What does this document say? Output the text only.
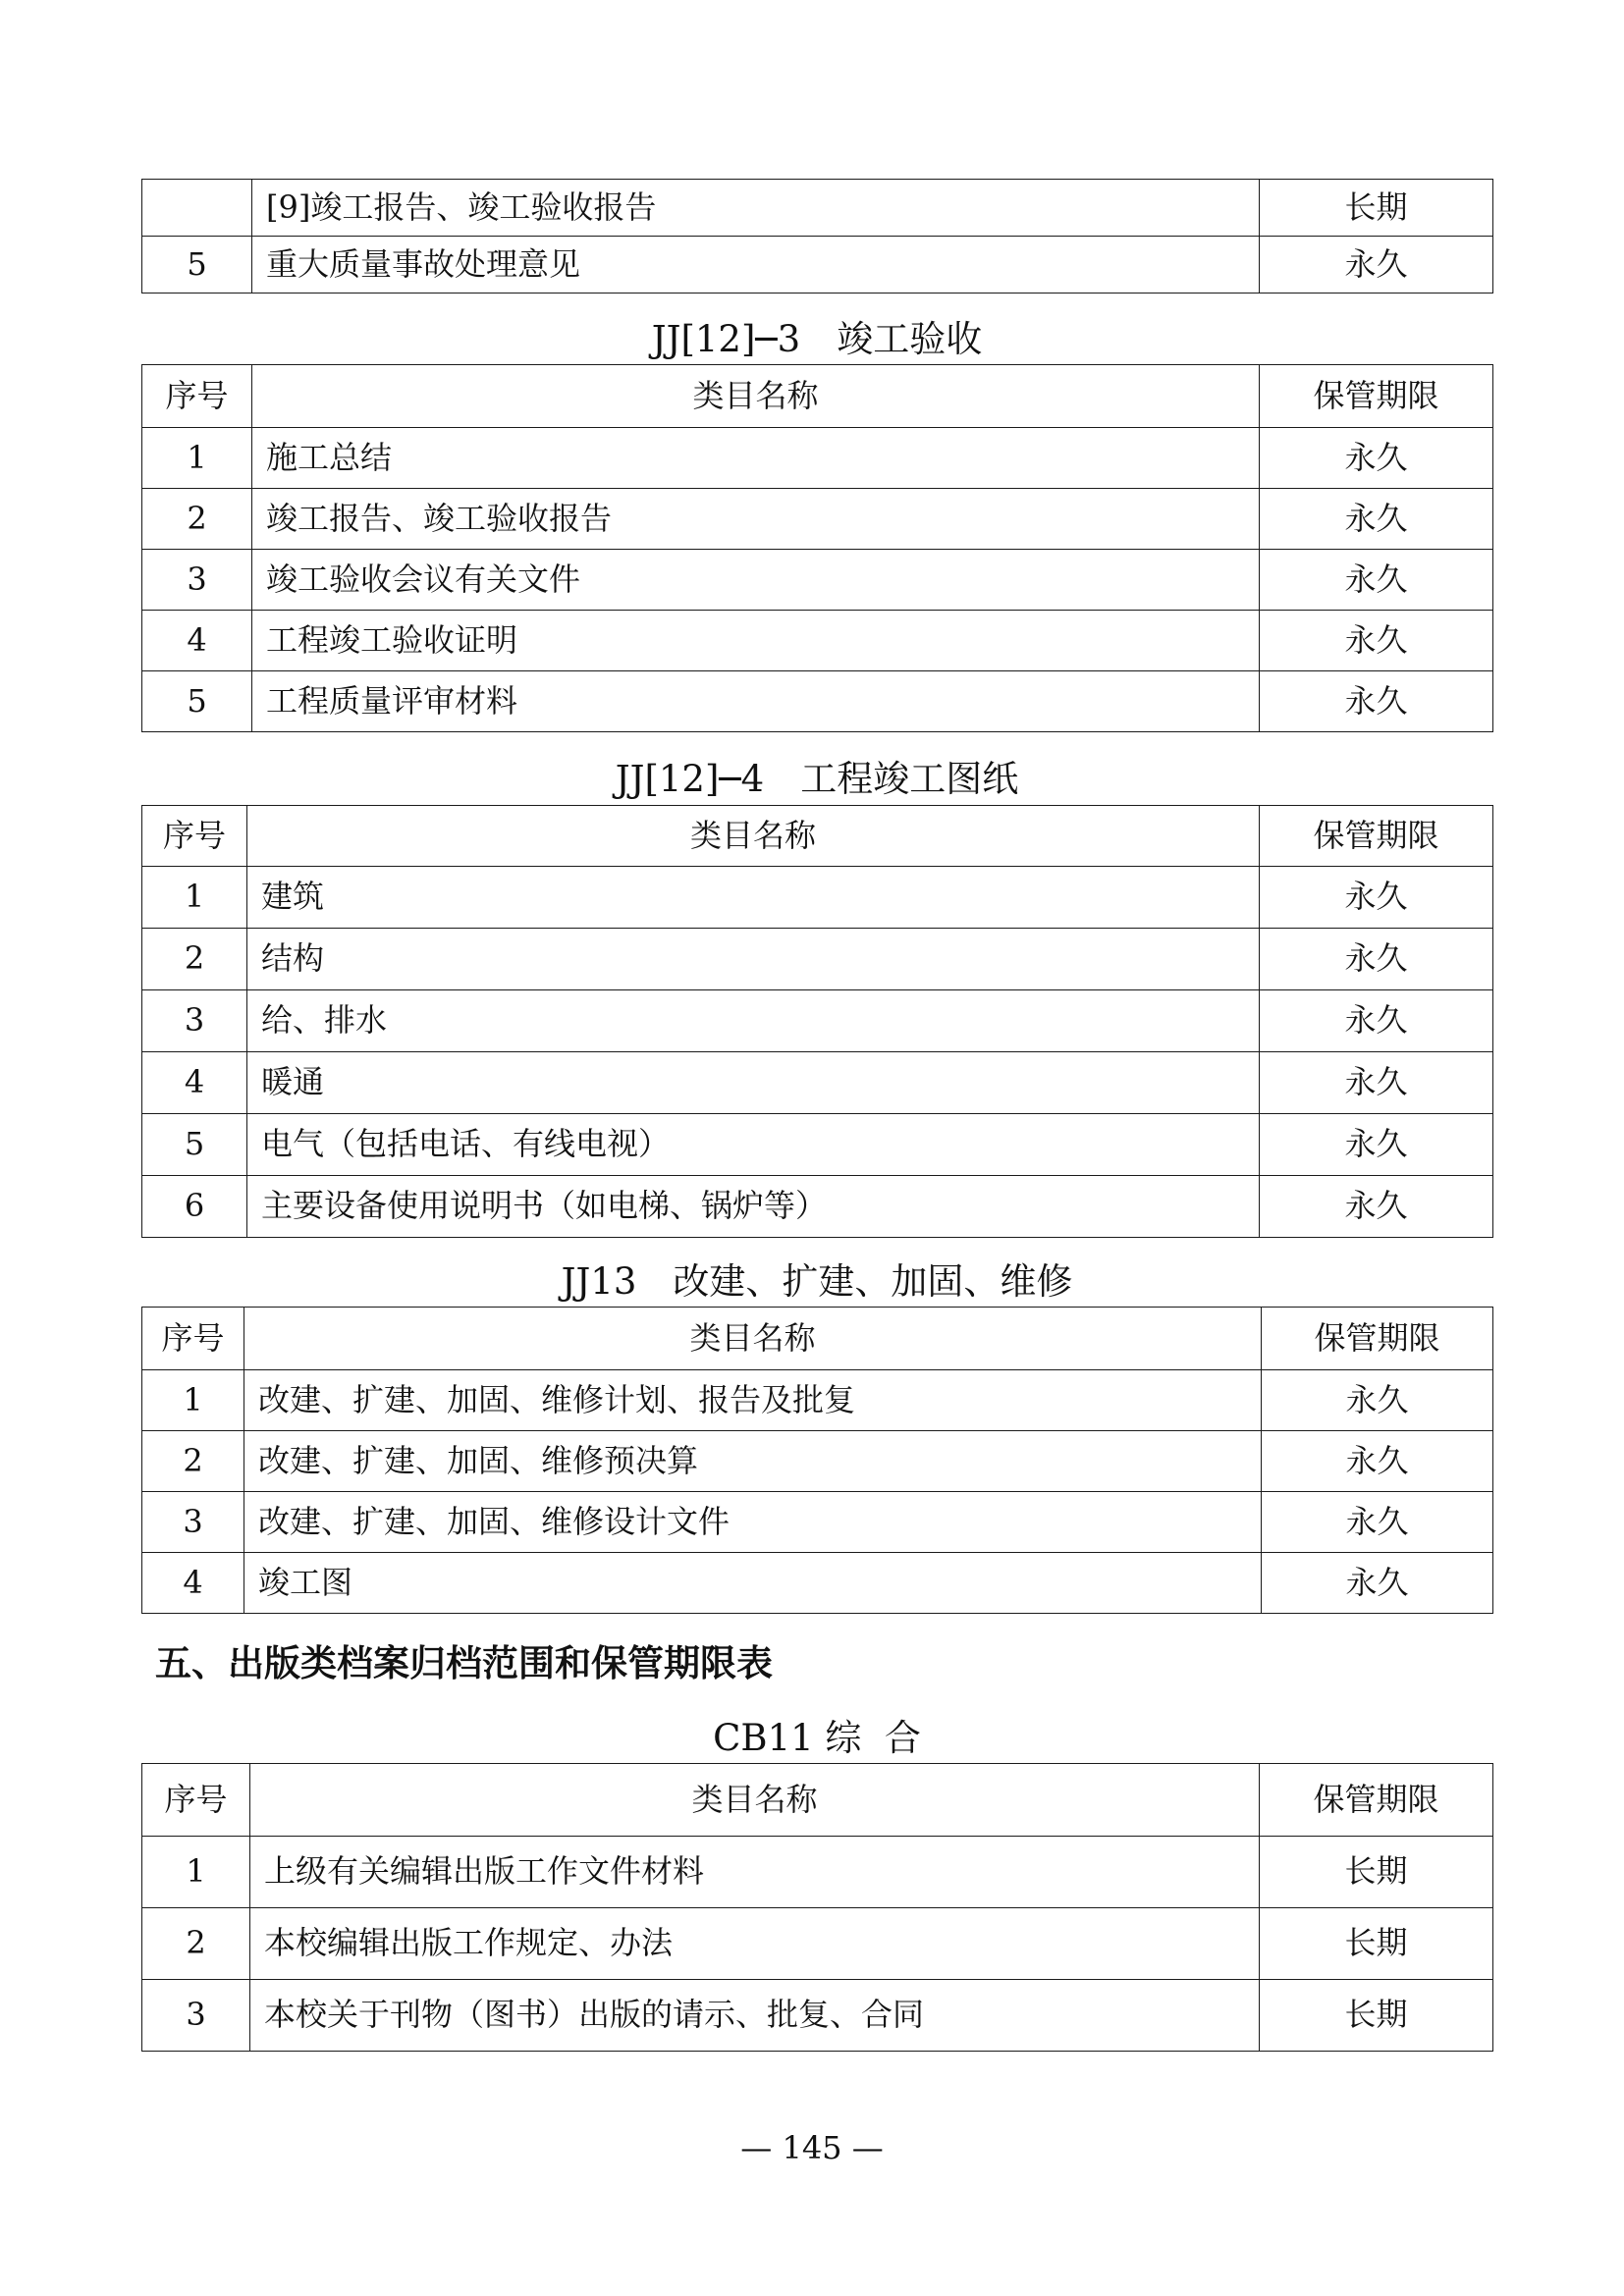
	[9]竣工报告、竣工验收报告	长期
5	重大质量事故处理意见	永久
JJ[12]─3　竣工验收
序号	类目名称	保管期限
1	施工总结	永久
2	竣工报告、竣工验收报告	永久
3	竣工验收会议有关文件	永久
4	工程竣工验收证明	永久
5	工程质量评审材料	永久
JJ[12]─4　工程竣工图纸
序号	类目名称	保管期限
1	建筑	永久
2	结构	永久
3	给、排水	永久
4	暖通	永久
5	电气（包括电话、有线电视）	永久
6	主要设备使用说明书（如电梯、锅炉等）	永久
JJ13　改建、扩建、加固、维修
序号	类目名称	保管期限
1	改建、扩建、加固、维修计划、报告及批复	永久
2	改建、扩建、加固、维修预决算	永久
3	改建、扩建、加固、维修设计文件	永久
4	竣工图	永久
五、出版类档案归档范围和保管期限表
CB11 综  合
序号	类目名称	保管期限
1	上级有关编辑出版工作文件材料	长期
2	本校编辑出版工作规定、办法	长期
3	本校关于刊物（图书）出版的请示、批复、合同	长期
— 145 —
